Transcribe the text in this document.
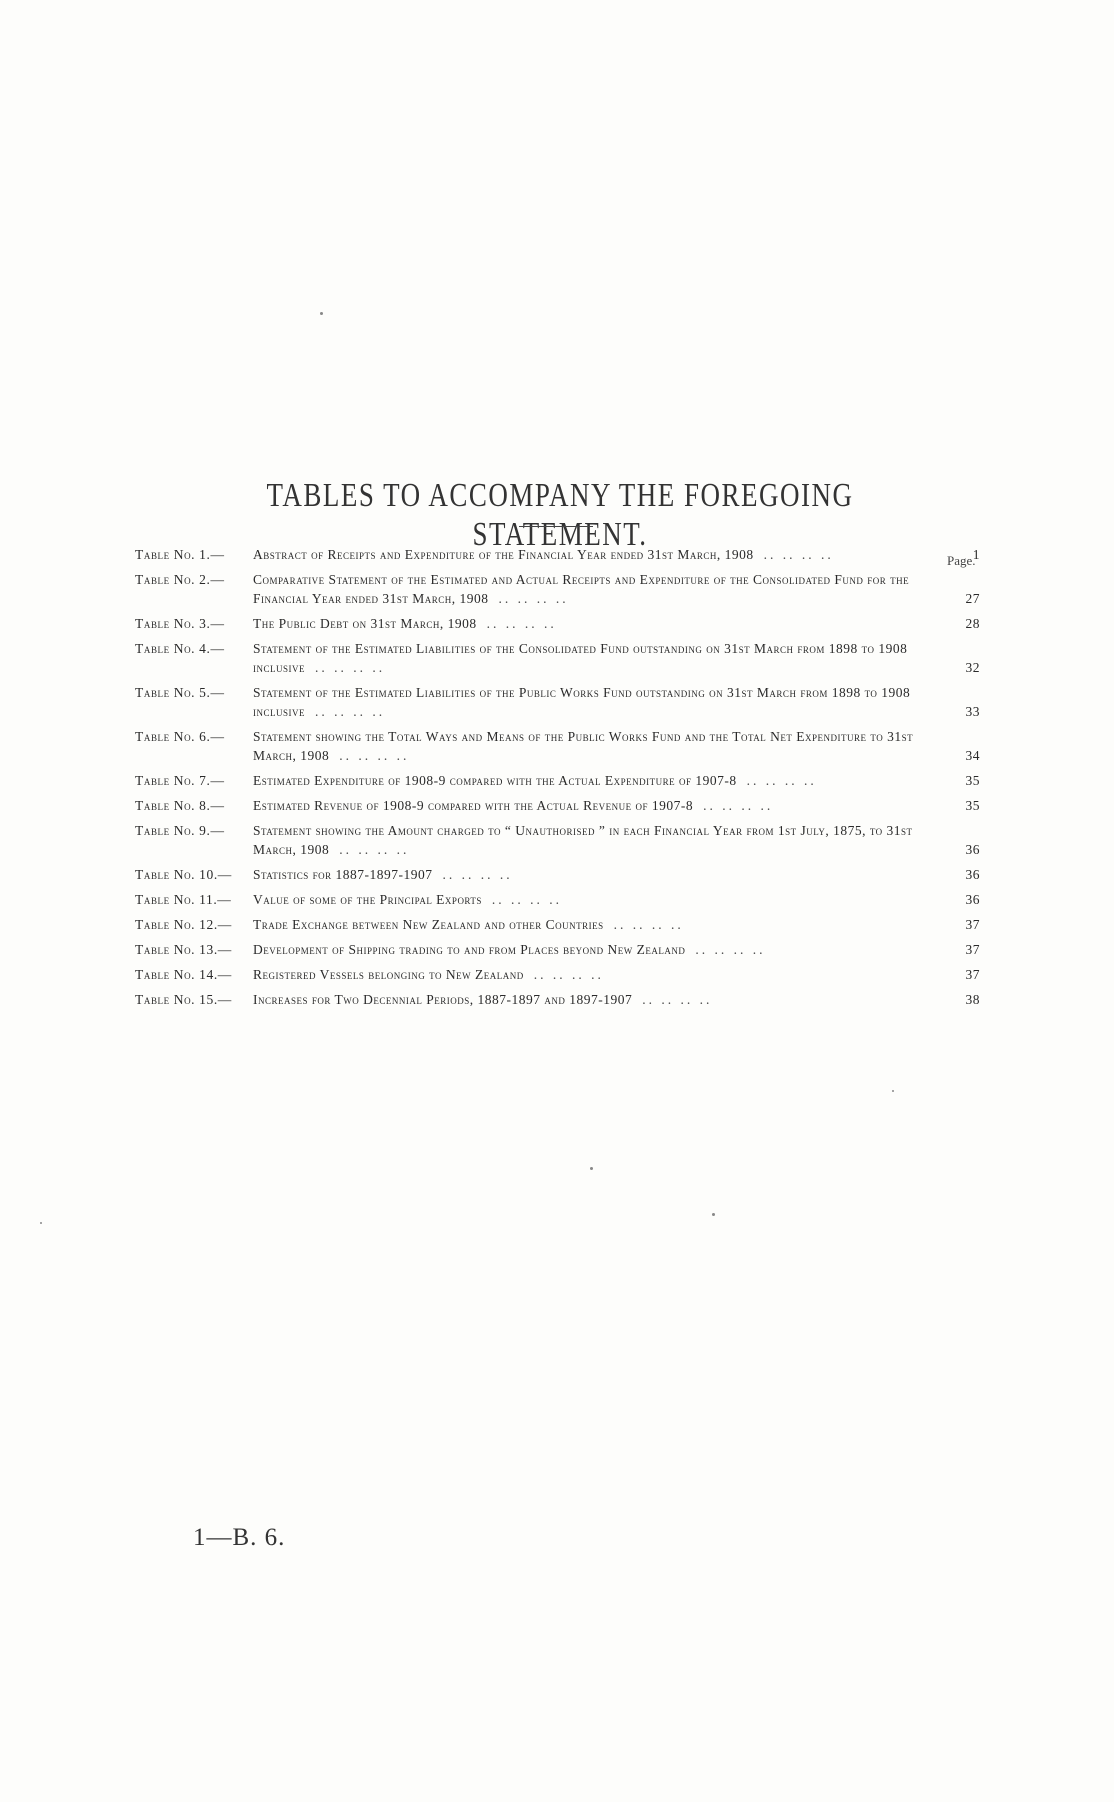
TABLES TO ACCOMPANY THE FOREGOING STATEMENT.
Page.
Table No. 1.—	Abstract of Receipts and Expenditure of the Financial Year ended 31st March, 1908 .. .. .. ..	1
Table No. 2.—	Comparative Statement of the Estimated and Actual Receipts and Expenditure of the Consolidated Fund for the Financial Year ended 31st March, 1908 .. .. .. ..	27
Table No. 3.—	The Public Debt on 31st March, 1908 .. .. .. ..	28
Table No. 4.—	Statement of the Estimated Liabilities of the Consolidated Fund outstanding on 31st March from 1898 to 1908 inclusive .. .. .. ..	32
Table No. 5.—	Statement of the Estimated Liabilities of the Public Works Fund outstanding on 31st March from 1898 to 1908 inclusive .. .. .. ..	33
Table No. 6.—	Statement showing the Total Ways and Means of the Public Works Fund and the Total Net Expenditure to 31st March, 1908 .. .. .. ..	34
Table No. 7.—	Estimated Expenditure of 1908-9 compared with the Actual Expenditure of 1907-8 .. .. .. ..	35
Table No. 8.—	Estimated Revenue of 1908-9 compared with the Actual Revenue of 1907-8 .. .. .. ..	35
Table No. 9.—	Statement showing the Amount charged to “ Unauthorised ” in each Financial Year from 1st July, 1875, to 31st March, 1908 .. .. .. ..	36
Table No. 10.—	Statistics for 1887-1897-1907 .. .. .. ..	36
Table No. 11.—	Value of some of the Principal Exports .. .. .. ..	36
Table No. 12.—	Trade Exchange between New Zealand and other Countries .. .. .. ..	37
Table No. 13.—	Development of Shipping trading to and from Places beyond New Zealand .. .. .. ..	37
Table No. 14.—	Registered Vessels belonging to New Zealand .. .. .. ..	37
Table No. 15.—	Increases for Two Decennial Periods, 1887-1897 and 1897-1907 .. .. .. ..	38
1—B. 6.
